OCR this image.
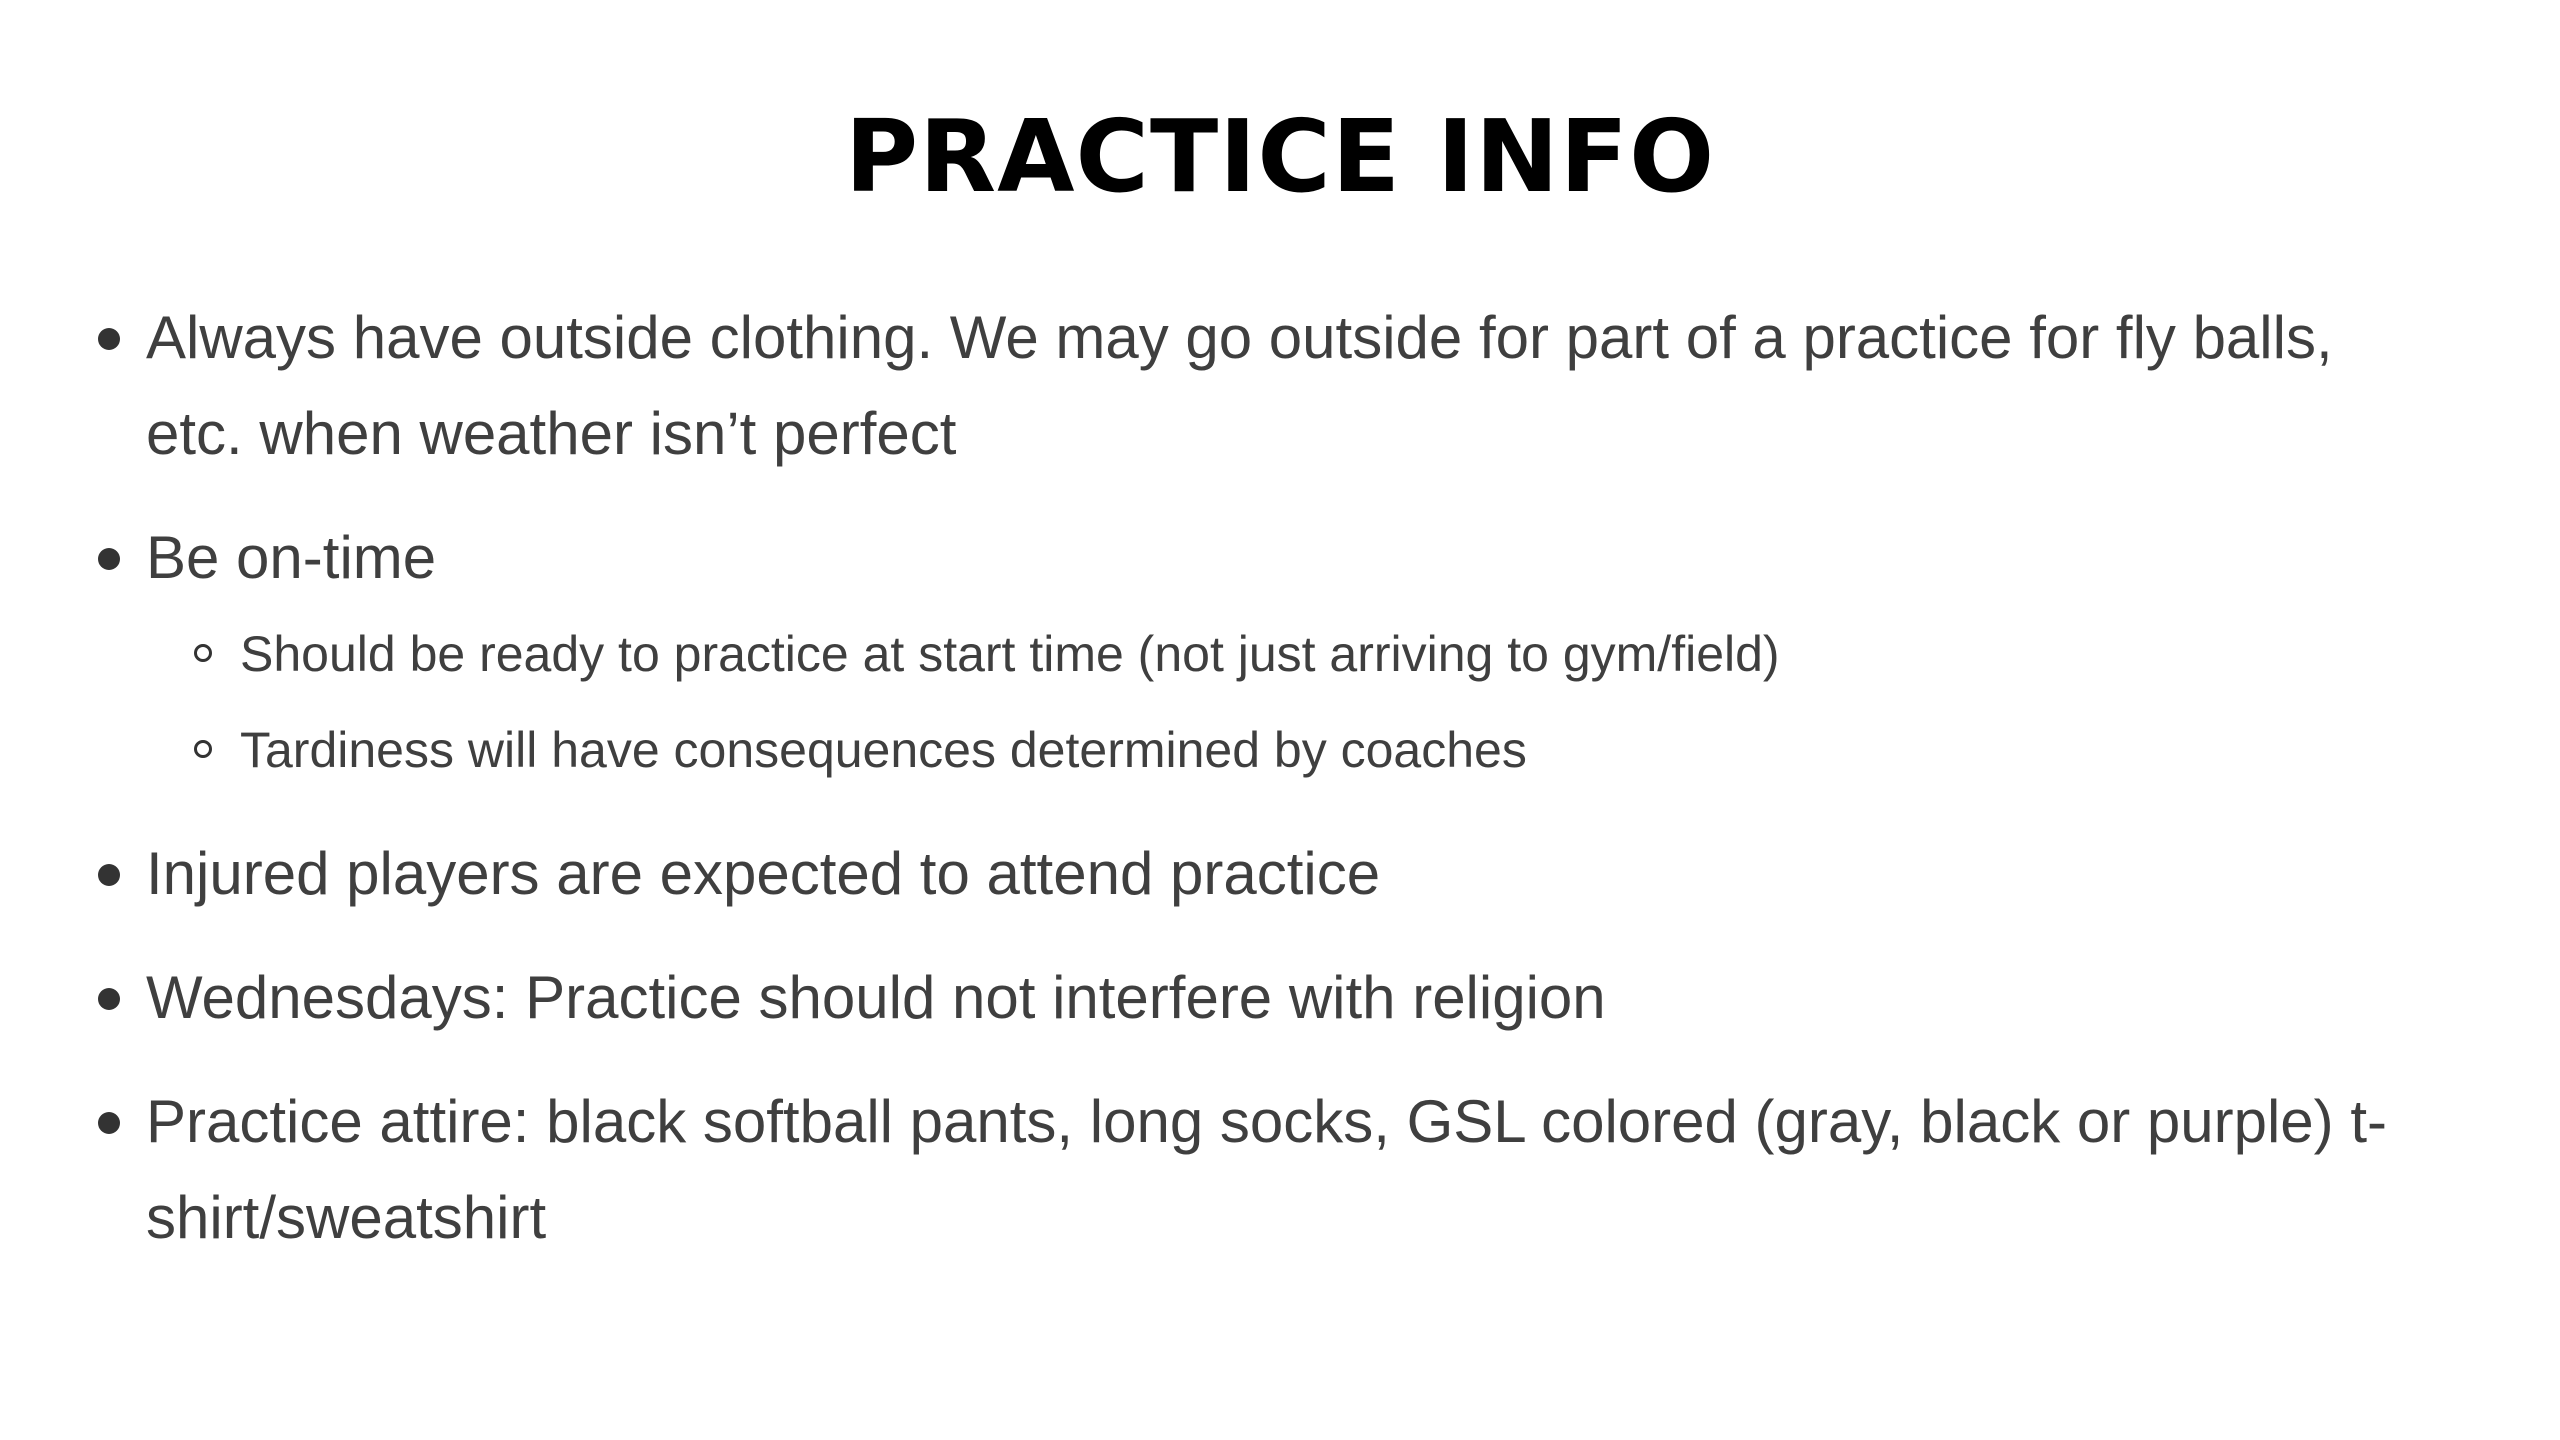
PRACTICE INFO
Always have outside clothing. We may go outside for part of a practice for fly balls, etc. when weather isn’t perfect
Be on-time
Should be ready to practice at start time (not just arriving to gym/field)
Tardiness will have consequences determined by coaches
Injured players are expected to attend practice
Wednesdays: Practice should not interfere with religion
Practice attire: black softball pants, long socks, GSL colored (gray, black or purple) t-shirt/sweatshirt
